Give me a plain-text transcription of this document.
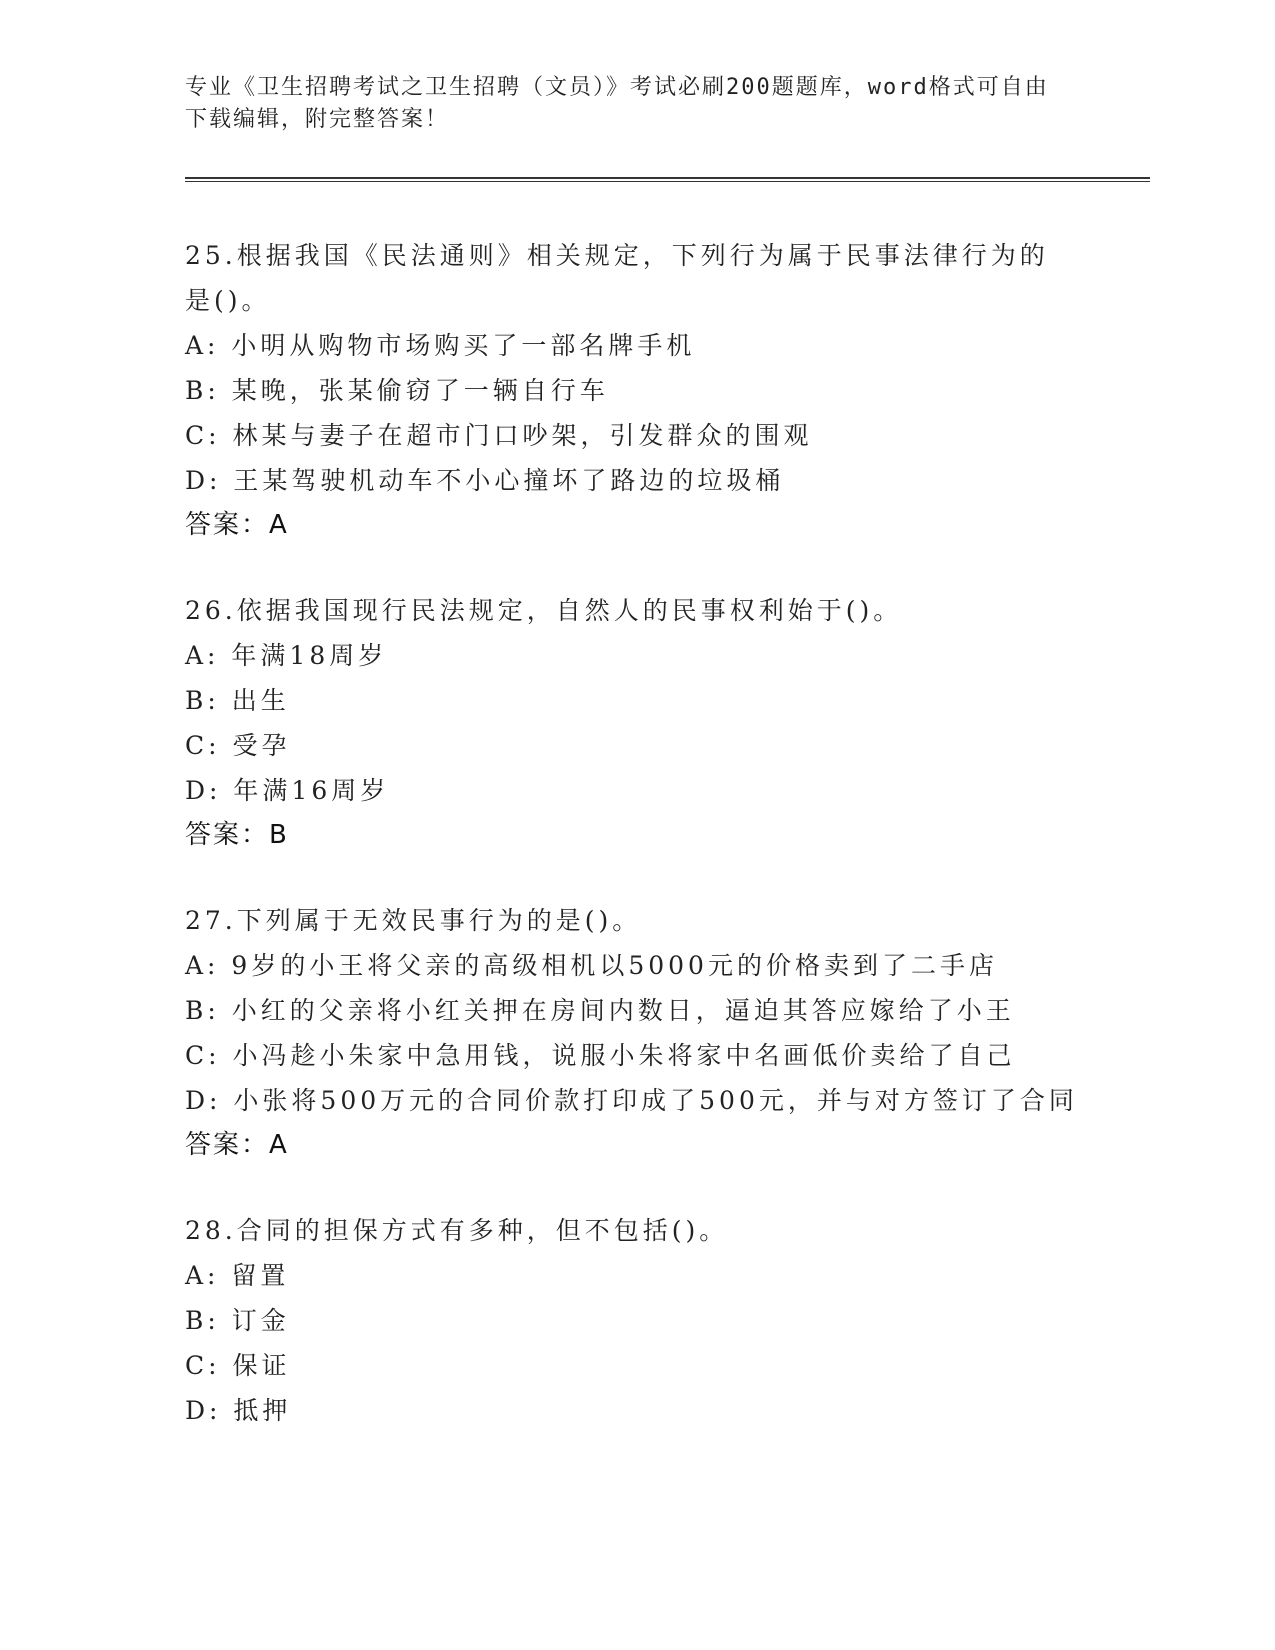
专业《卫生招聘考试之卫生招聘（文员）》考试必刷200题题库，word格式可自由下载编辑，附完整答案！
25.根据我国《民法通则》相关规定，下列行为属于民事法律行为的是()。
A: 小明从购物市场购买了一部名牌手机
B: 某晚，张某偷窃了一辆自行车
C: 林某与妻子在超市门口吵架，引发群众的围观
D: 王某驾驶机动车不小心撞坏了路边的垃圾桶
答案：A
26.依据我国现行民法规定，自然人的民事权利始于()。
A: 年满18周岁
B: 出生
C: 受孕
D: 年满16周岁
答案：B
27.下列属于无效民事行为的是()。
A: 9岁的小王将父亲的高级相机以5000元的价格卖到了二手店
B: 小红的父亲将小红关押在房间内数日，逼迫其答应嫁给了小王
C: 小冯趁小朱家中急用钱，说服小朱将家中名画低价卖给了自己
D: 小张将500万元的合同价款打印成了500元，并与对方签订了合同
答案：A
28.合同的担保方式有多种，但不包括()。
A: 留置
B: 订金
C: 保证
D: 抵押
